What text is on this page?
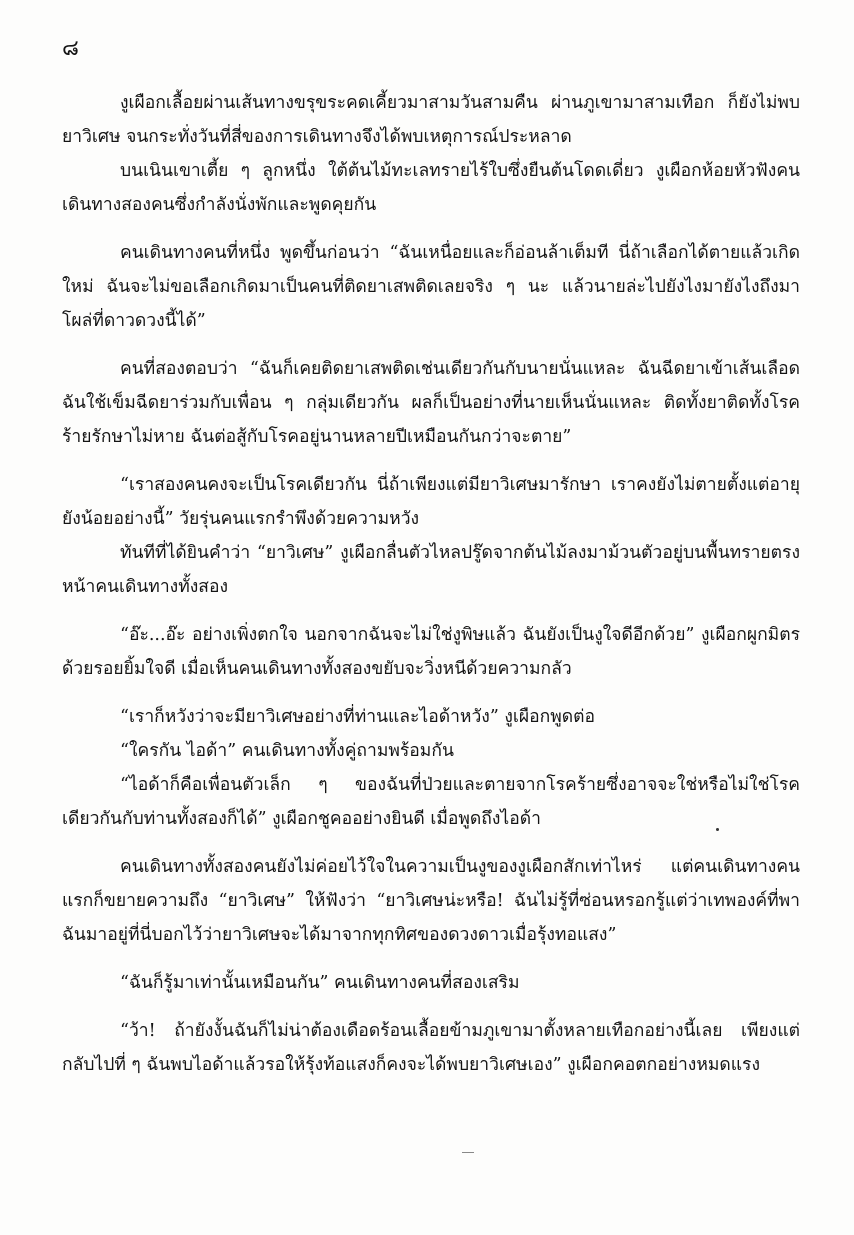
๘

งูเผือกเลื้อยผ่านเส้นทางขรุขระคดเคี้ยวมาสามวันสามคืน ผ่านภูเขามาสามเทือก ก็ยังไม่พบยาวิเศษ จนกระทั่งวันที่สี่ของการเดินทางจึงได้พบเหตุการณ์ประหลาด

บนเนินเขาเตี้ย ๆ ลูกหนึ่ง ใต้ต้นไม้ทะเลทรายไร้ใบซึ่งยืนต้นโดดเดี่ยว งูเผือกห้อยหัวฟังคนเดินทางสองคนซึ่งกำลังนั่งพักและพูดคุยกัน

คนเดินทางคนที่หนึ่ง พูดขึ้นก่อนว่า “ฉันเหนื่อยและก็อ่อนล้าเต็มที นี่ถ้าเลือกได้ตายแล้วเกิดใหม่ ฉันจะไม่ขอเลือกเกิดมาเป็นคนที่ติดยาเสพติดเลยจริง ๆ นะ แล้วนายล่ะไปยังไงมายังไงถึงมาโผล่ที่ดาวดวงนี้ได้”

คนที่สองตอบว่า “ฉันก็เคยติดยาเสพติดเช่นเดียวกันกับนายนั่นแหละ ฉันฉีดยาเข้าเส้นเลือด ฉันใช้เข็มฉีดยาร่วมกับเพื่อน ๆ กลุ่มเดียวกัน ผลก็เป็นอย่างที่นายเห็นนั่นแหละ ติดทั้งยาติดทั้งโรคร้ายรักษาไม่หาย ฉันต่อสู้กับโรคอยู่นานหลายปีเหมือนกันกว่าจะตาย”

“เราสองคนคงจะเป็นโรคเดียวกัน นี่ถ้าเพียงแต่มียาวิเศษมารักษา เราคงยังไม่ตายตั้งแต่อายุยังน้อยอย่างนี้” วัยรุ่นคนแรกรำพึงด้วยความหวัง

ทันทีที่ได้ยินคำว่า “ยาวิเศษ” งูเผือกลื่นตัวไหลปรู๊ดจากต้นไม้ลงมาม้วนตัวอยู่บนพื้นทรายตรงหน้าคนเดินทางทั้งสอง

“อ๊ะ...อ๊ะ อย่างเพิ่งตกใจ นอกจากฉันจะไม่ใช่งูพิษแล้ว ฉันยังเป็นงูใจดีอีกด้วย” งูเผือกผูกมิตร ด้วยรอยยิ้มใจดี เมื่อเห็นคนเดินทางทั้งสองขยับจะวิ่งหนีด้วยความกลัว

“เราก็หวังว่าจะมียาวิเศษอย่างที่ท่านและไอด้าหวัง” งูเผือกพูดต่อ

“ใครกัน ไอด้า” คนเดินทางทั้งคู่ถามพร้อมกัน

“ไอด้าก็คือเพื่อนตัวเล็ก ๆ ของฉันที่ป่วยและตายจากโรคร้ายซึ่งอาจจะใช่หรือไม่ใช่โรคเดียวกันกับท่านทั้งสองก็ได้” งูเผือกชูคออย่างยินดี เมื่อพูดถึงไอด้า

คนเดินทางทั้งสองคนยังไม่ค่อยไว้ใจในความเป็นงูของงูเผือกสักเท่าไหร่ แต่คนเดินทางคนแรกก็ขยายความถึง “ยาวิเศษ” ให้ฟังว่า “ยาวิเศษน่ะหรือ! ฉันไม่รู้ที่ซ่อนหรอกรู้แต่ว่าเทพองค์ที่พาฉันมาอยู่ที่นี่บอกไว้ว่ายาวิเศษจะได้มาจากทุกทิศของดวงดาวเมื่อรุ้งทอแสง”

“ฉันก็รู้มาเท่านั้นเหมือนกัน” คนเดินทางคนที่สองเสริม

“ว้า! ถ้ายังงั้นฉันก็ไม่น่าต้องเดือดร้อนเลื้อยข้ามภูเขามาตั้งหลายเทือกอย่างนี้เลย เพียงแต่กลับไปที่ ๆ ฉันพบไอด้าแล้วรอให้รุ้งท้อแสงก็คงจะได้พบยาวิเศษเอง” งูเผือกคอตกอย่างหมดแรง
